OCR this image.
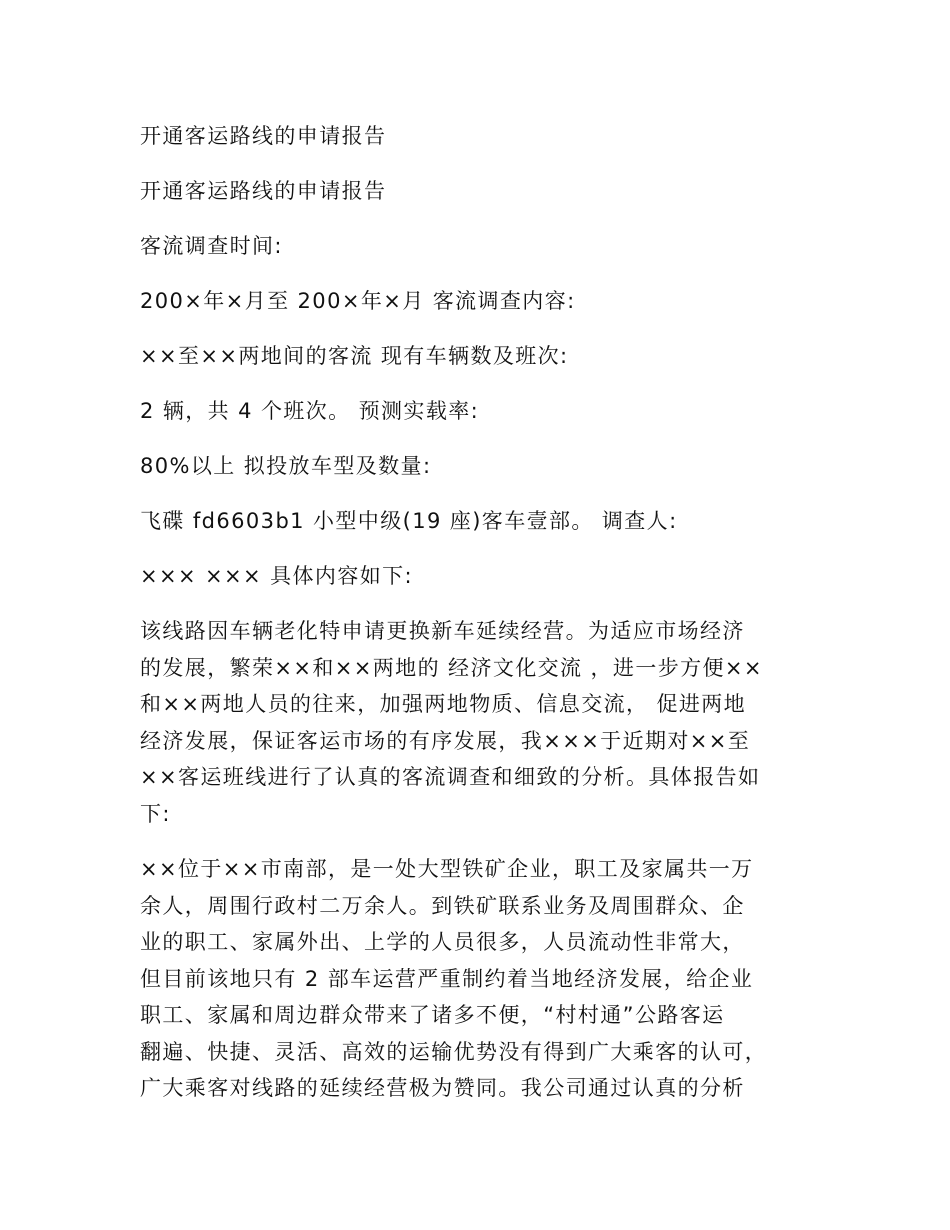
开通客运路线的申请报告
开通客运路线的申请报告
客流调查时间:
200×年×月至 200×年×月 客流调查内容:
××至××两地间的客流 现有车辆数及班次:
2 辆，共 4 个班次。 预测实载率:
80%以上 拟投放车型及数量:
飞碟 fd6603b1 小型中级(19 座)客车壹部。 调查人:
××× ××× 具体内容如下:
该线路因车辆老化特申请更换新车延续经营。为适应市场经济
的发展，繁荣××和××两地的 经济文化交流 ，进一步方便××
和××两地人员的往来，加强两地物质、信息交流， 促进两地
经济发展，保证客运市场的有序发展，我×××于近期对××至
××客运班线进行了认真的客流调查和细致的分析。具体报告如
下:
××位于××市南部，是一处大型铁矿企业，职工及家属共一万
余人，周围行政村二万余人。到铁矿联系业务及周围群众、企
业的职工、家属外出、上学的人员很多，人员流动性非常大，
但目前该地只有 2 部车运营严重制约着当地经济发展，给企业
职工、家属和周边群众带来了诸多不便，“村村通”公路客运
翻遍、快捷、灵活、高效的运输优势没有得到广大乘客的认可，
广大乘客对线路的延续经营极为赞同。我公司通过认真的分析
